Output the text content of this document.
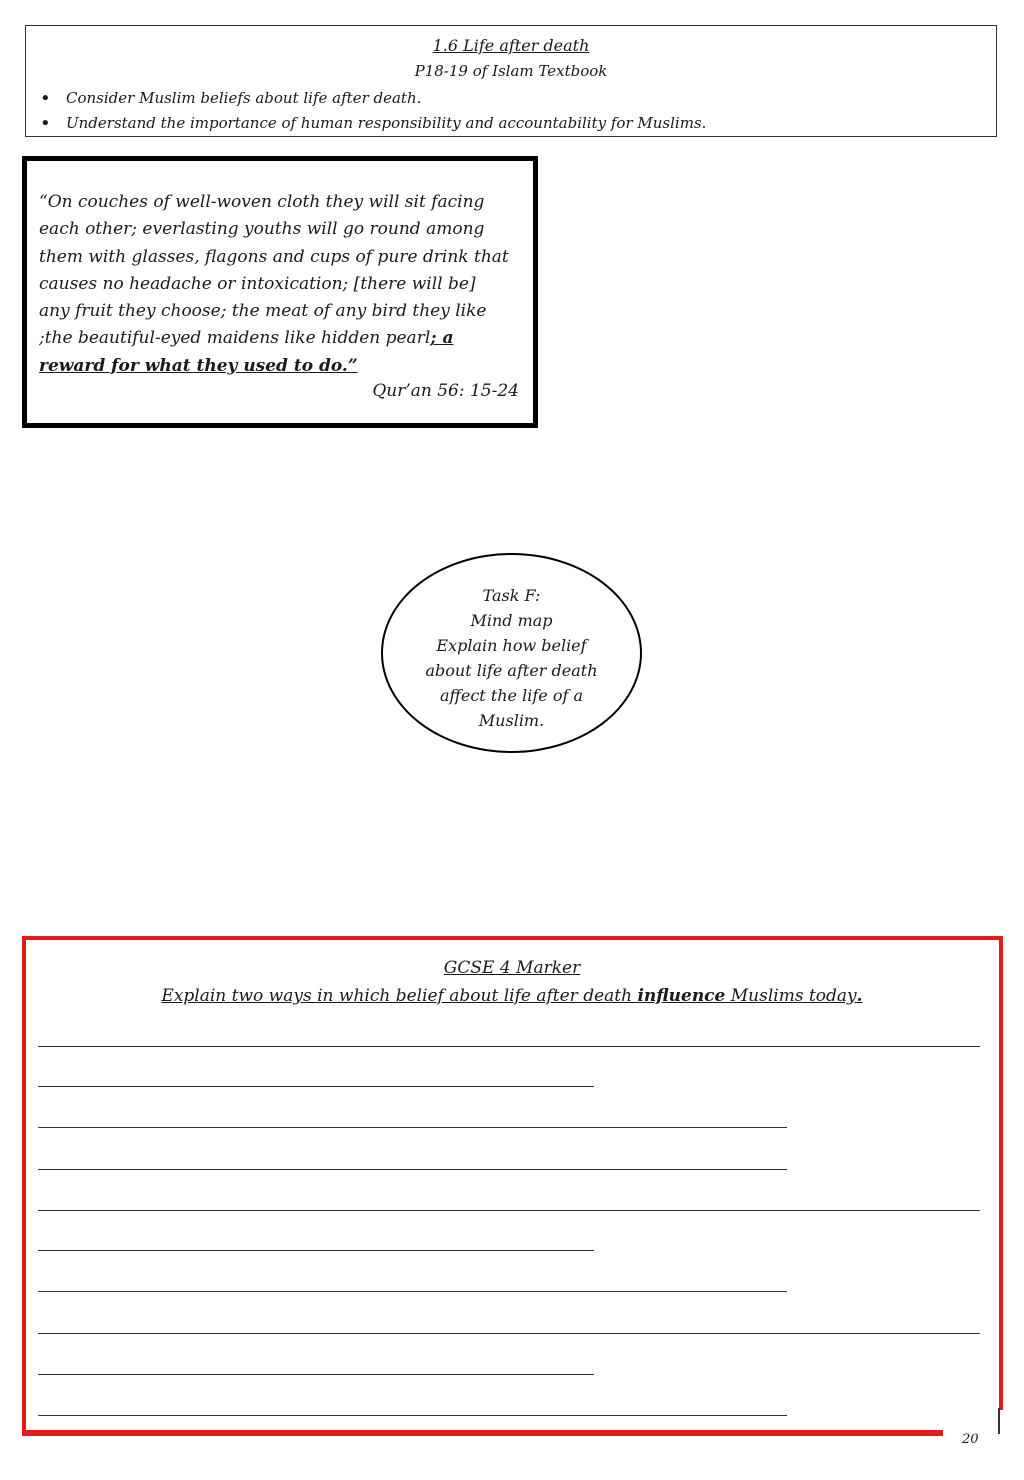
1.6 Life after death
P18-19 of Islam Textbook
• Consider Muslim beliefs about life after death.
• Understand the importance of human responsibility and accountability for Muslims.
“On couches of well-woven cloth they will sit facing each other; everlasting youths will go round among them with glasses, flagons and cups of pure drink that causes no headache or intoxication; [there will be] any fruit they choose; the meat of any bird they like ;the beautiful-eyed maidens like hidden pearl; a reward for what they used to do.”
Qur’an 56: 15-24
Task F:
Mind map
Explain how belief
about life after death
affect the life of a
Muslim.
GCSE 4 Marker
Explain two ways in which belief about life after death influence Muslims today.
20
